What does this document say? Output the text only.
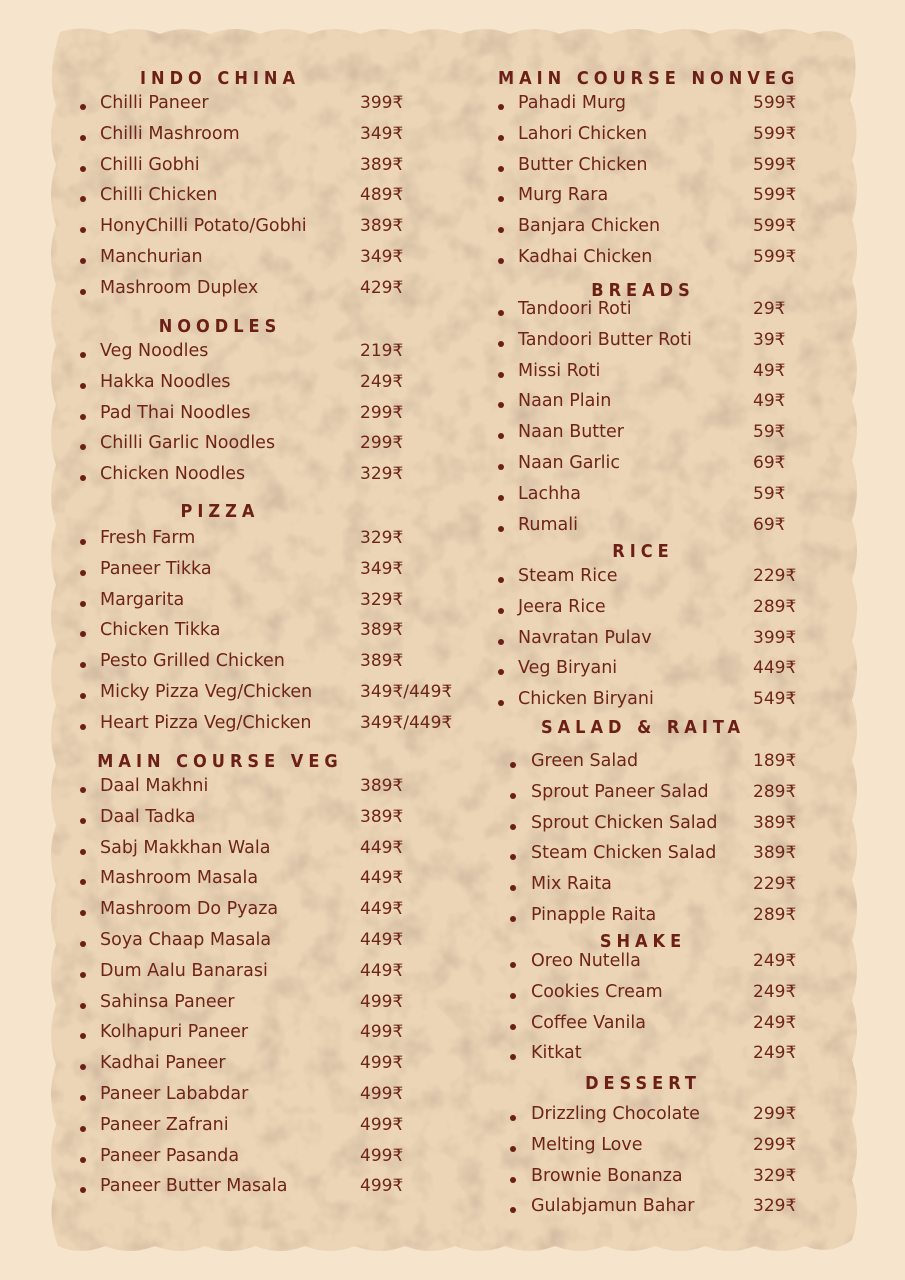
INDO CHINA
Chilli Paneer	399₹
Chilli Mashroom	349₹
Chilli Gobhi	389₹
Chilli Chicken	489₹
HonyChilli Potato/Gobhi	389₹
Manchurian	349₹
Mashroom Duplex	429₹
NOODLES
Veg Noodles	219₹
Hakka Noodles	249₹
Pad Thai Noodles	299₹
Chilli Garlic Noodles	299₹
Chicken Noodles	329₹
PIZZA
Fresh Farm	329₹
Paneer Tikka	349₹
Margarita	329₹
Chicken Tikka	389₹
Pesto Grilled Chicken	389₹
Micky Pizza Veg/Chicken	349₹/449₹
Heart Pizza Veg/Chicken	349₹/449₹
MAIN COURSE VEG
Daal Makhni	389₹
Daal Tadka	389₹
Sabj Makkhan Wala	449₹
Mashroom Masala	449₹
Mashroom Do Pyaza	449₹
Soya Chaap Masala	449₹
Dum Aalu Banarasi	449₹
Sahinsa Paneer	499₹
Kolhapuri Paneer	499₹
Kadhai Paneer	499₹
Paneer Lababdar	499₹
Paneer Zafrani	499₹
Paneer Pasanda	499₹
Paneer Butter Masala	499₹
MAIN COURSE NONVEG
Pahadi Murg	599₹
Lahori Chicken	599₹
Butter Chicken	599₹
Murg Rara	599₹
Banjara Chicken	599₹
Kadhai Chicken	599₹
BREADS
Tandoori Roti	29₹
Tandoori Butter Roti	39₹
Missi Roti	49₹
Naan Plain	49₹
Naan Butter	59₹
Naan Garlic	69₹
Lachha	59₹
Rumali	69₹
RICE
Steam Rice	229₹
Jeera Rice	289₹
Navratan Pulav	399₹
Veg Biryani	449₹
Chicken Biryani	549₹
SALAD & RAITA
Green Salad	189₹
Sprout Paneer Salad	289₹
Sprout Chicken Salad 389₹
Steam Chicken Salad 389₹
Mix Raita	229₹
Pinapple Raita	289₹
SHAKE
Oreo Nutella	249₹
Cookies Cream	249₹
Coffee Vanila	249₹
Kitkat	249₹
DESSERT
Drizzling Chocolate	299₹
Melting Love	299₹
Brownie Bonanza	329₹
Gulabjamun Bahar	329₹
